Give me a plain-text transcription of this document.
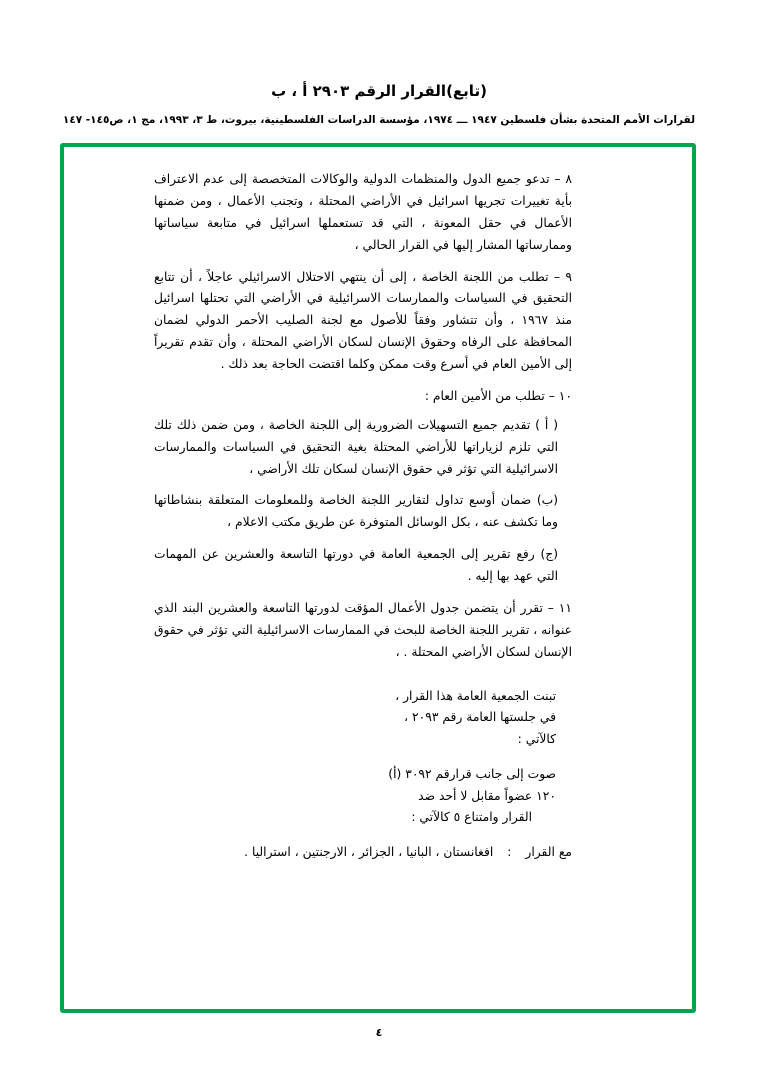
(تابع)القرار الرقم ٣٠٩٢ أ ، ب
لقرارات الأمم المتحدة بشأن فلسطين ١٩٤٧ ـــ ١٩٧٤، مؤسسة الدراسات الفلسطينية، بيروت، ط ٣، ١٩٩٣، مج ١، ص١٤٥- ١٤٧

٨ – تدعو جميع الدول والمنظمات الدولية والوكالات المتخصصة إلى عدم الاعتراف بأية تغييرات تجريها اسرائيل في الأراضي المحتلة ، وتجنب الأعمال ، ومن ضمنها الأعمال في حقل المعونة ، التي قد تستعملها اسرائيل في متابعة سياساتها وممارساتها المشار إليها في القرار الحالي ،

٩ – تطلب من اللجنة الخاصة ، إلى أن ينتهي الاحتلال الاسرائيلي عاجلاً ، أن تتابع التحقيق في السياسات والممارسات الاسرائيلية في الأراضي التي تحتلها اسرائيل منذ ١٩٦٧ ، وأن تتشاور وفقاً للأصول مع لجنة الصليب الأحمر الدولي لضمان المحافظة على الرفاه وحقوق الإنسان لسكان الأراضي المحتلة ، وأن تقدم تقريراً إلى الأمين العام في أسرع وقت ممكن وكلما اقتضت الحاجة بعد ذلك .

١٠ – تطلب من الأمين العام :

( أ ) تقديم جميع التسهيلات الضرورية إلى اللجنة الخاصة ، ومن ضمن ذلك تلك التي تلزم لزياراتها للأراضي المحتلة بغية التحقيق في السياسات والممارسات الاسرائيلية التي تؤثر في حقوق الإنسان لسكان تلك الأراضي ،

(ب) ضمان أوسع تداول لتقارير اللجنة الخاصة وللمعلومات المتعلقة بنشاطاتها وما تكشف عنه ، بكل الوسائل المتوفرة عن طريق مكتب الاعلام ،

(ج) رفع تقرير إلى الجمعية العامة في دورتها التاسعة والعشرين عن المهمات التي عهد بها إليه .

١١ – تقرر أن يتضمن جدول الأعمال المؤقت لدورتها التاسعة والعشرين البند الذي عنوانه ، تقرير اللجنة الخاصة للبحث في الممارسات الاسرائيلية التي تؤثر في حقوق الإنسان لسكان الأراضي المحتلة . ،

تبنت الجمعية العامة هذا القرار ،

في جلستها العامة رقم ٢٠٩٣ ،

كالآتي :

صوت إلى جانب قرارقم ٣٠٩٢ (أ)

١٢٠ عضواً مقابل لا أحد ضد

القرار وامتناع ٥ كالآتي :

مع القرار
:
افغانستان ، البانيا ، الجزائر ، الارجنتين ، استراليا .
٤
